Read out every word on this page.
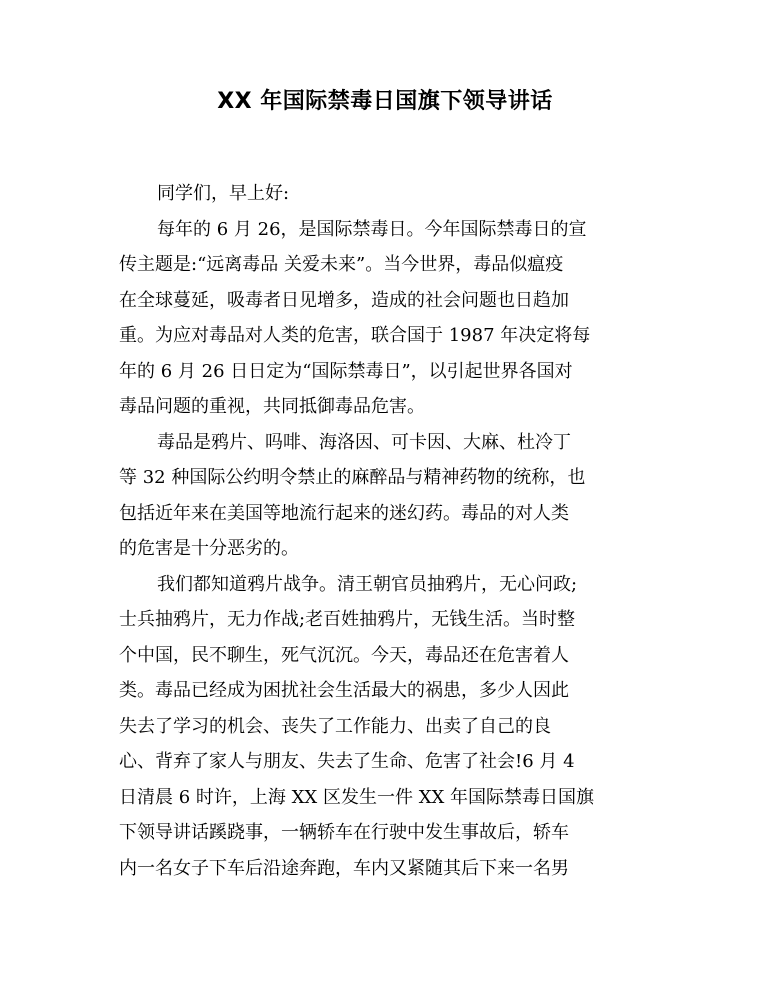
XX 年国际禁毒日国旗下领导讲话
同学们，早上好:
每年的 6 月 26，是国际禁毒日。今年国际禁毒日的宣
传主题是:“远离毒品 关爱未来”。当今世界，毒品似瘟疫
在全球蔓延，吸毒者日见增多，造成的社会问题也日趋加
重。为应对毒品对人类的危害，联合国于 1987 年决定将每
年的 6 月 26 日日定为“国际禁毒日”，以引起世界各国对
毒品问题的重视，共同抵御毒品危害。
毒品是鸦片、吗啡、海洛因、可卡因、大麻、杜冷丁
等 32 种国际公约明令禁止的麻醉品与精神药物的统称，也
包括近年来在美国等地流行起来的迷幻药。毒品的对人类
的危害是十分恶劣的。
我们都知道鸦片战争。清王朝官员抽鸦片，无心问政;
士兵抽鸦片，无力作战;老百姓抽鸦片，无钱生活。当时整
个中国，民不聊生，死气沉沉。今天，毒品还在危害着人
类。毒品已经成为困扰社会生活最大的祸患，多少人因此
失去了学习的机会、丧失了工作能力、出卖了自己的良
心、背弃了家人与朋友、失去了生命、危害了社会!6 月 4
日清晨 6 时许，上海 XX 区发生一件 XX 年国际禁毒日国旗
下领导讲话蹊跷事，一辆轿车在行驶中发生事故后，轿车
内一名女子下车后沿途奔跑，车内又紧随其后下来一名男
